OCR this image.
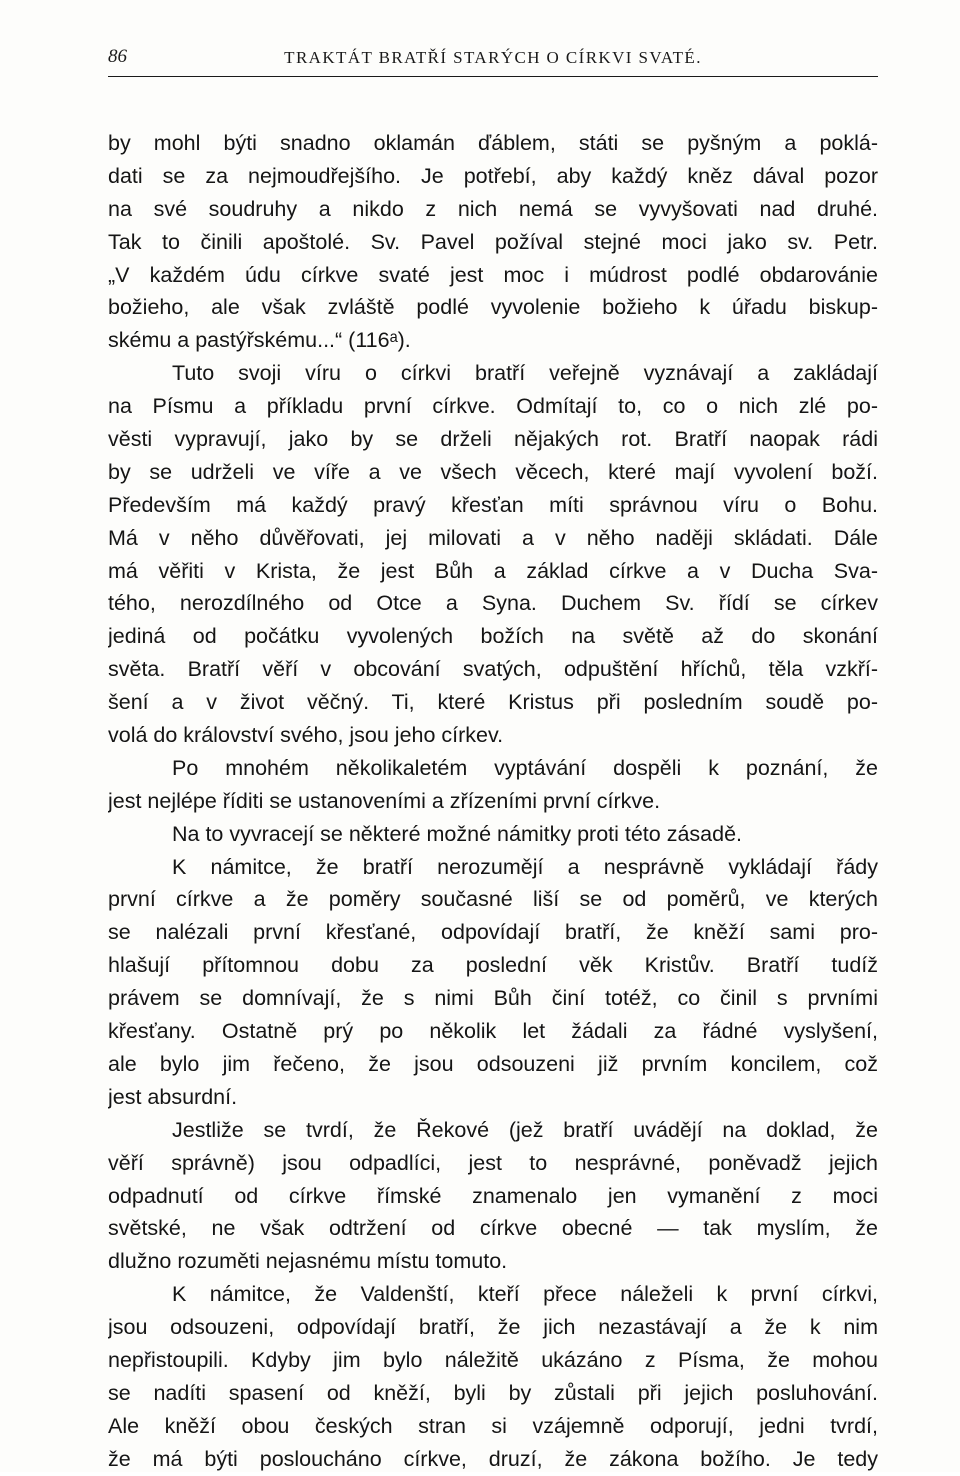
86	TRAKTÁT BRATŘÍ STARÝCH O CÍRKVI SVATÉ.
by mohl býti snadno oklamán ďáblem, státi se pyšným a poklá-
dati se za nejmoudřejšího. Je potřebí, aby každý kněz dával pozor
na své soudruhy a nikdo z nich nemá se vyvyšovati nad druhé.
Tak to činili apoštolé. Sv. Pavel požíval stejné moci jako sv. Petr.
„V každém údu církve svaté jest moc i múdrost podlé obdarovánie
božieho, ale však zvláště podlé vyvolenie božieho k úřadu biskup-
skému a pastýřskému...“ (116ᵃ).
Tuto svoji víru o církvi bratří veřejně vyznávají a zakládají
na Písmu a příkladu první církve. Odmítají to, co o nich zlé po-
věsti vypravují, jako by se drželi nějakých rot. Bratří naopak rádi
by se udrželi ve víře a ve všech věcech, které mají vyvolení boží.
Především má každý pravý křesťan míti správnou víru o Bohu.
Má v něho důvěřovati, jej milovati a v něho naději skládati. Dále
má věřiti v Krista, že jest Bůh a základ církve a v Ducha Sva-
tého, nerozdílného od Otce a Syna. Duchem Sv. řídí se církev
jediná od počátku vyvolených božích na světě až do skonání
světa. Bratří věří v obcování svatých, odpuštění hříchů, těla vzkří-
šení a v život věčný. Ti, které Kristus při posledním soudě po-
volá do království svého, jsou jeho církev.
Po mnohém několikaletém vyptávání dospěli k poznání, že
jest nejlépe říditi se ustanoveními a zřízeními první církve.
Na to vyvracejí se některé možné námitky proti této zásadě.
K námitce, že bratří nerozumějí a nesprávně vykládají řády
první církve a že poměry současné liší se od poměrů, ve kterých
se nalézali první křesťané, odpovídají bratří, že kněží sami pro-
hlašují přítomnou dobu za poslední věk Kristův. Bratří tudíž
právem se domnívají, že s nimi Bůh činí totéž, co činil s prvními
křesťany. Ostatně prý po několik let žádali za řádné vyslyšení,
ale bylo jim řečeno, že jsou odsouzeni již prvním koncilem, což
jest absurdní.
Jestliže se tvrdí, že Řekové (jež bratří uvádějí na doklad, že
věří správně) jsou odpadlíci, jest to nesprávné, poněvadž jejich
odpadnutí od církve římské znamenalo jen vymanění z moci
světské, ne však odtržení od církve obecné — tak myslím, že
dlužno rozuměti nejasnému místu tomuto.
K námitce, že Valdenští, kteří přece náleželi k první církvi,
jsou odsouzeni, odpovídají bratří, že jich nezastávají a že k nim
nepřistoupili. Kdyby jim bylo náležitě ukázáno z Písma, že mohou
se nadíti spasení od kněží, byli by zůstali při jejich posluhování.
Ale kněží obou českých stran si vzájemně odporují, jedni tvrdí,
že má býti posloucháno církve, druzí, že zákona božího. Je tedy
